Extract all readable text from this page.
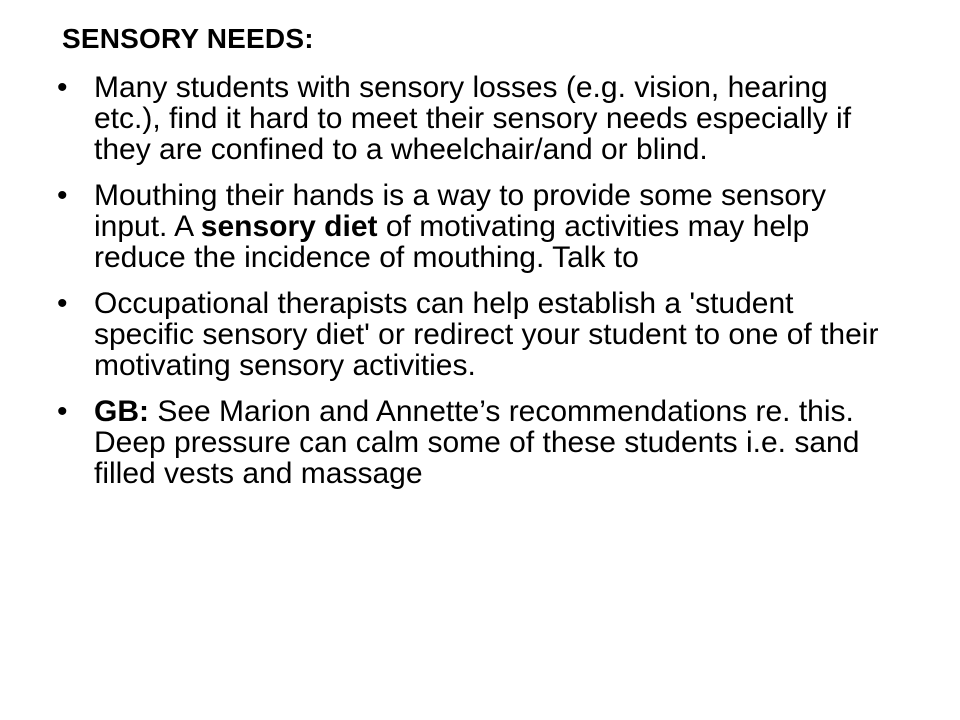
SENSORY NEEDS:
• Many students with sensory losses (e.g. vision, hearing etc.), find it hard to meet their sensory needs especially if they are confined to a wheelchair/and or blind.
• Mouthing their hands is a way to provide some sensory input. A sensory diet of motivating activities may help reduce the incidence of mouthing. Talk to
• Occupational therapists can help establish a 'student specific sensory diet' or redirect your student to one of their motivating sensory activities.
• GB: See Marion and Annette’s recommendations re. this. Deep pressure can calm some of these students i.e. sand filled vests and massage
